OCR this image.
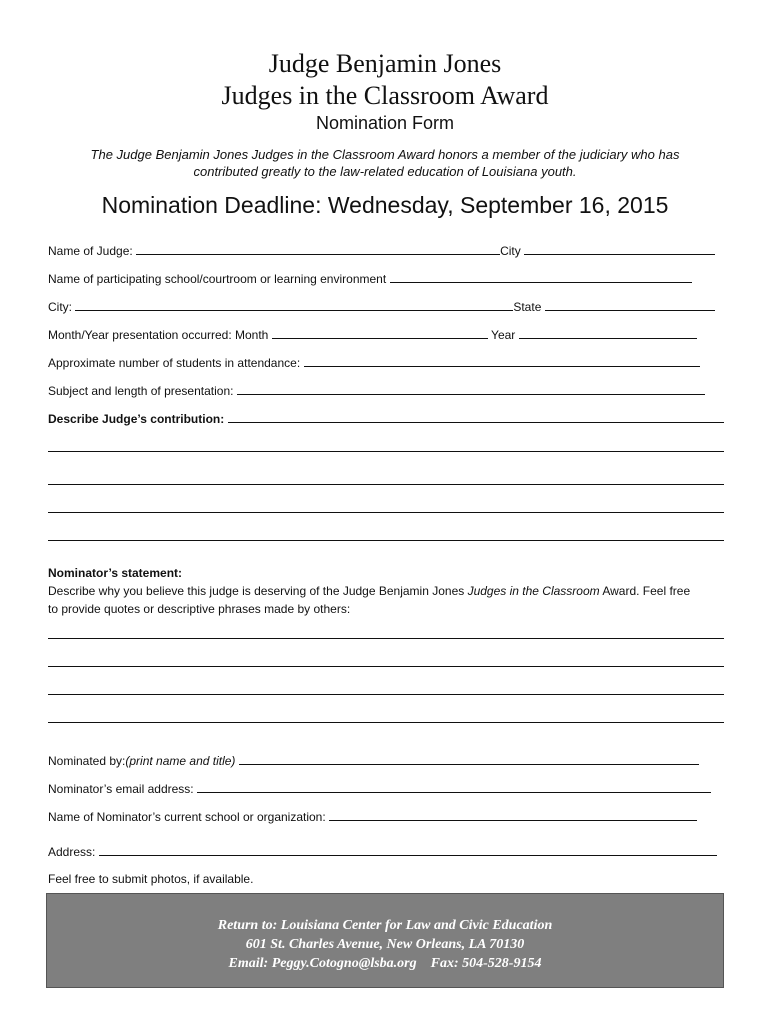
Judge Benjamin Jones
Judges in the Classroom Award
Nomination Form
The Judge Benjamin Jones Judges in the Classroom Award honors a member of the judiciary who has
contributed greatly to the law-related education of Louisiana youth.
Nomination Deadline: Wednesday, September 16, 2015
Name of Judge:	City
Name of participating school/courtroom or learning environment
City:	State
Month/Year presentation occurred: Month	Year
Approximate number of students in attendance:
Subject and length of presentation:
Describe Judge’s contribution:
Nominator’s statement:
Describe why you believe this judge is deserving of the Judge Benjamin Jones Judges in the Classroom Award. Feel free
to provide quotes or descriptive phrases made by others:
Nominated by:(print name and title)
Nominator’s email address:
Name of Nominator’s current school or organization:
Address:
Feel free to submit photos, if available.
Return to: Louisiana Center for Law and Civic Education
601 St. Charles Avenue, New Orleans, LA 70130
Email: Peggy.Cotogno@lsba.org    Fax: 504-528-9154
